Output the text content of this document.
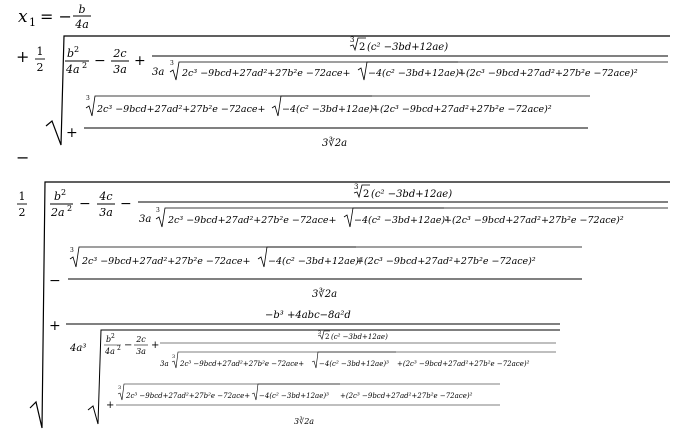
x 1 = − b
4a
+ 1
2
b 2
4a 2 − 2c
3a
+
3
2 (c² −3bd+12ae)
3a
3
2c³ −9bcd+27ad²+27b²e −72ace+ −4(c² −3bd+12ae)³
+(2c³ −9bcd+27ad²+27b²e −72ace)²
+
3
2c³ −9bcd+27ad²+27b²e −72ace+ −4(c² −3bd+12ae)³
+(2c³ −9bcd+27ad²+27b²e −72ace)²
3∛2a
−
1
2
b 2
2a 2 − 4c
3a
−
3
2 (c² −3bd+12ae)
3a
3
2c³ −9bcd+27ad²+27b²e −72ace+ −4(c² −3bd+12ae)³
+(2c³ −9bcd+27ad²+27b²e −72ace)²
−
3
2c³ −9bcd+27ad²+27b²e −72ace+ −4(c² −3bd+12ae)³
+(2c³ −9bcd+27ad²+27b²e −72ace)²
3∛2a
+
−b³ +4abc−8a²d
4a³
b 2
4a 2 −
2c
3a
+
3 2 (c² −3bd+12ae)
3a
3
2c³ −9bcd+27ad²+27b²e −72ace+ −4(c² −3bd+12ae)³ +(2c³ −9bcd+27ad²+27b²e −72ace)²
+
3
2c³ −9bcd+27ad²+27b²e −72ace+ −4(c² −3bd+12ae)³ +(2c³ −9bcd+27ad²+27b²e −72ace)²
3∛2a
